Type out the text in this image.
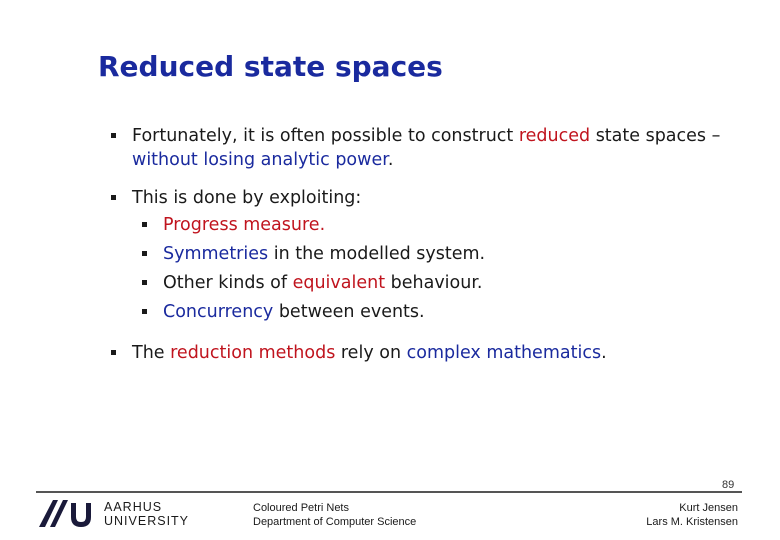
Reduced state spaces
Fortunately, it is often possible to construct reduced state spaces – without losing analytic power.
This is done by exploiting:
Progress measure.
Symmetries in the modelled system.
Other kinds of equivalent behaviour.
Concurrency between events.
The reduction methods rely on complex mathematics.
89
AARHUS
UNIVERSITY
Coloured Petri Nets
Department of Computer Science
Kurt Jensen
Lars M. Kristensen
